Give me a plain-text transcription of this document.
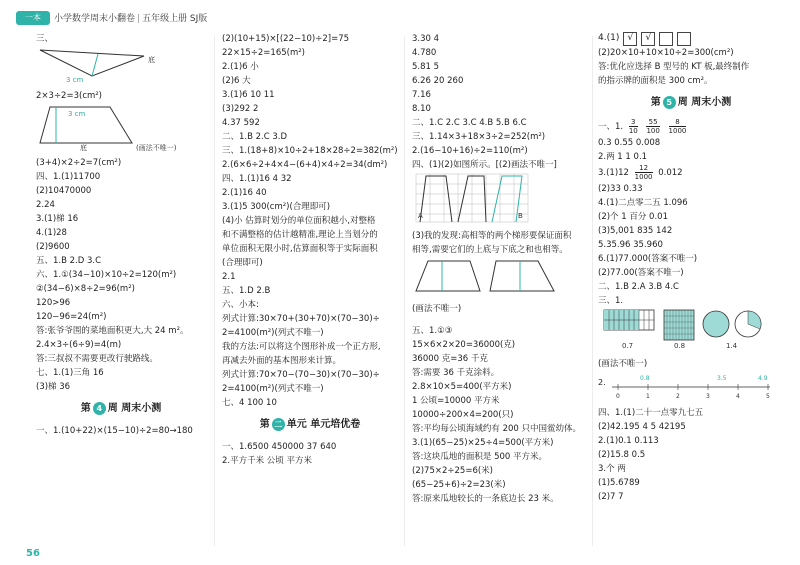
一本	小学数学周末小翻卷 | 五年级上册 SJ版
三、
3 cm
底
2×3÷2=3(cm²)
3 cm
底	(画法不唯一)
(3+4)×2÷2=7(cm²)
四、1.(1)11700
(2)10470000
2.24
3.(1)梯 16
4.(1)28
(2)9600
五、1.B 2.D 3.C
六、1.①(34−10)×10÷2=120(m²)
②(34−6)×8÷2=96(m²)
120>96
120−96=24(m²)
答:张爷爷围的菜地面积更大,大 24 m²。
2.4×3÷(6÷9)=4(m)
答:三叔叔不需要更改行驶路线。
七、1.(1)三角 16
(3)梯 36
第 4 周 周末小测
一、1.(10+22)×(15−10)÷2=80→180
(2)(10+15)×[(22−10)÷2]=75
22×15÷2=165(m²)
2.(1)6 小
(2)6 大
3.(1)6 10 11
(3)292 2
4.37 592
二、1.B 2.C 3.D
三、1.(18+8)×10÷2+18×28÷2=382(m²)
2.(6×6÷2+4×4−(6+4)×4÷2=34(dm²)
四、1.(1)16 4 32
2.(1)16 40
3.(1)5 300(cm²)(合理即可)
(4)小 估算时划分的单位面积越小,对整格
和不满整格的估计越精准,理论上当划分的
单位面积无限小时,估算面积等于实际面积
(合理即可)
2.1
五、1.D 2.B
六、小本:
列式计算:30×70+(30+70)×(70−30)÷
2=4100(m²)(列式不唯一)
我的方法:可以将这个图形补成一个正方形,
再减去外面的基本图形来计算。
列式计算:70×70−(70−30)×(70−30)÷
2=4100(m²)(列式不唯一)
七、4 100 10
第 二 单元 单元培优卷
一、1.6500 450000 37 640
2.平方千米 公顷 平方米
3.30 4
4.780
5.81 5
6.26 20 260
7.16
8.10
二、1.C 2.C 3.C 4.B 5.B 6.C
三、1.14×3+18×3÷2=252(m²)
2.(16−10+16)÷2=110(m²)
四、(1)(2)如图所示。[(2)画法不唯一]
A	B
(3)我的发现:高相等的两个梯形要保证面积
相等,需要它们的上底与下底之和也相等。
(画法不唯一)
五、1.①③
15×6×2×20=36000(克)
36000 克=36 千克
答:需要 36 千克涂料。
2.8×10×5=400(平方米)
1 公顷=10000 平方米
10000÷200×4=200(只)
答:平均每公顷海域约有 200 只中国鲎幼体。
3.(1)(65−25)×25÷4=500(平方米)
答:这块瓜地的面积是 500 平方米。
(2)75×2÷25=6(米)
(65−25+6)÷2=23(米)
答:原来瓜地较长的一条底边长 23 米。
4.(1) √ √
(2)20×10+10×10÷2=300(cm²)
答:优化应选择 B 型号的 KT 板,最终制作
的指示牌的面积是 300 cm²。
第 5 周 周末小测
一、1. $\frac{3}{10}$
$\frac{55}{100}$
$\frac{8}{1000}$
0.3 0.55 0.008
2.两 1 1 0.1
$3.(1)12 \frac{12}{1000} 0.012$
(2)33 0.33
4.(1)二点零二五 1.096
(2)个 1 百分 0.01
(3)5,001 835 142
5.35.96 35.960
6.(1)77.000(答案不唯一)
(2)77.00(答案不唯一)
二、1.B 2.A 3.B 4.C
三、1.
0.7	0.8	1.4
(画法不唯一)
2.	0.8	3.5	4.9
0	1	2	3	4	5
四、1.(1)二十一点零九七五
(2)42.195 4 5 42195
2.(1)0.1 0.113
(2)15.8 0.5
3.个 两
(1)5.6789
(2)7 7
56
